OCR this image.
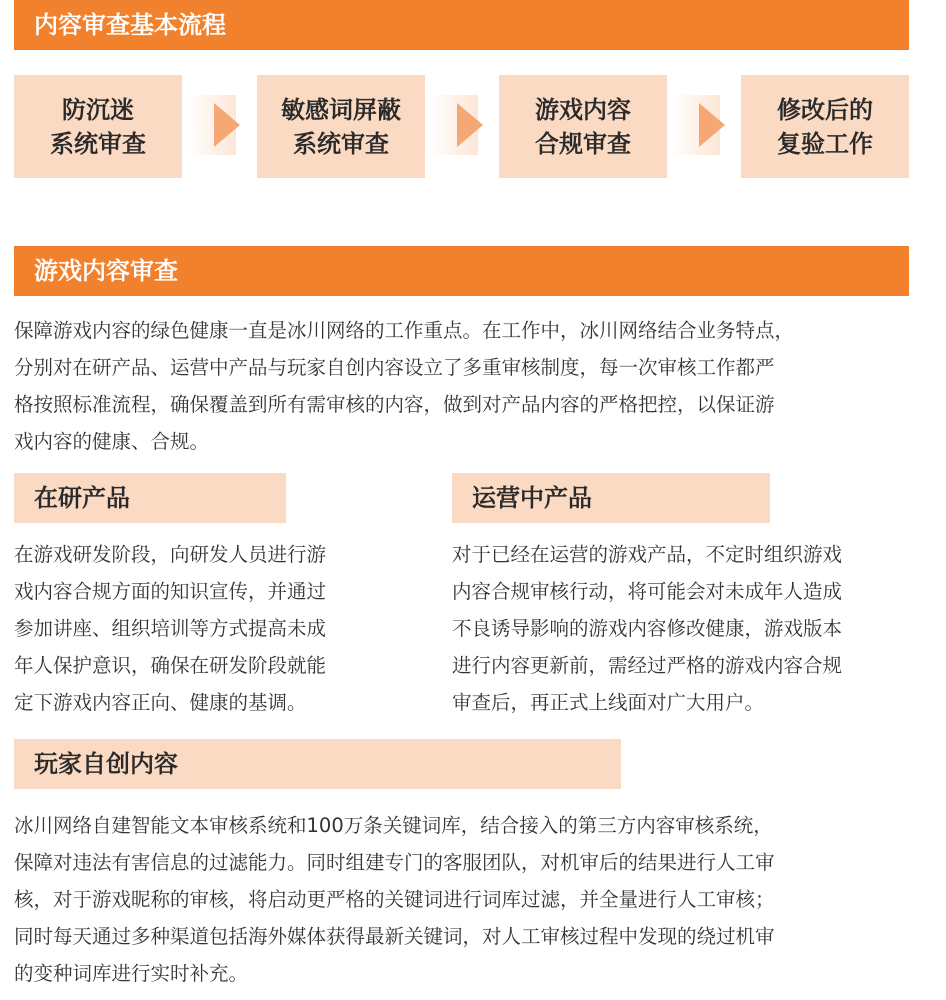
内容审查基本流程
防沉迷
系统审查
敏感词屏蔽
系统审查
游戏内容
合规审查
修改后的
复验工作
游戏内容审查
保障游戏内容的绿色健康一直是冰川网络的工作重点。在工作中，冰川网络结合业务特点，
分别对在研产品、运营中产品与玩家自创内容设立了多重审核制度，每一次审核工作都严
格按照标准流程，确保覆盖到所有需审核的内容，做到对产品内容的严格把控，以保证游
戏内容的健康、合规。
在研产品
在游戏研发阶段，向研发人员进行游
戏内容合规方面的知识宣传，并通过
参加讲座、组织培训等方式提高未成
年人保护意识，确保在研发阶段就能
定下游戏内容正向、健康的基调。
运营中产品
对于已经在运营的游戏产品，不定时组织游戏
内容合规审核行动，将可能会对未成年人造成
不良诱导影响的游戏内容修改健康，游戏版本
进行内容更新前，需经过严格的游戏内容合规
审查后，再正式上线面对广大用户。
玩家自创内容
冰川网络自建智能文本审核系统和100万条关键词库，结合接入的第三方内容审核系统，
保障对违法有害信息的过滤能力。同时组建专门的客服团队，对机审后的结果进行人工审
核，对于游戏昵称的审核，将启动更严格的关键词进行词库过滤，并全量进行人工审核；
同时每天通过多种渠道包括海外媒体获得最新关键词，对人工审核过程中发现的绕过机审
的变种词库进行实时补充。
